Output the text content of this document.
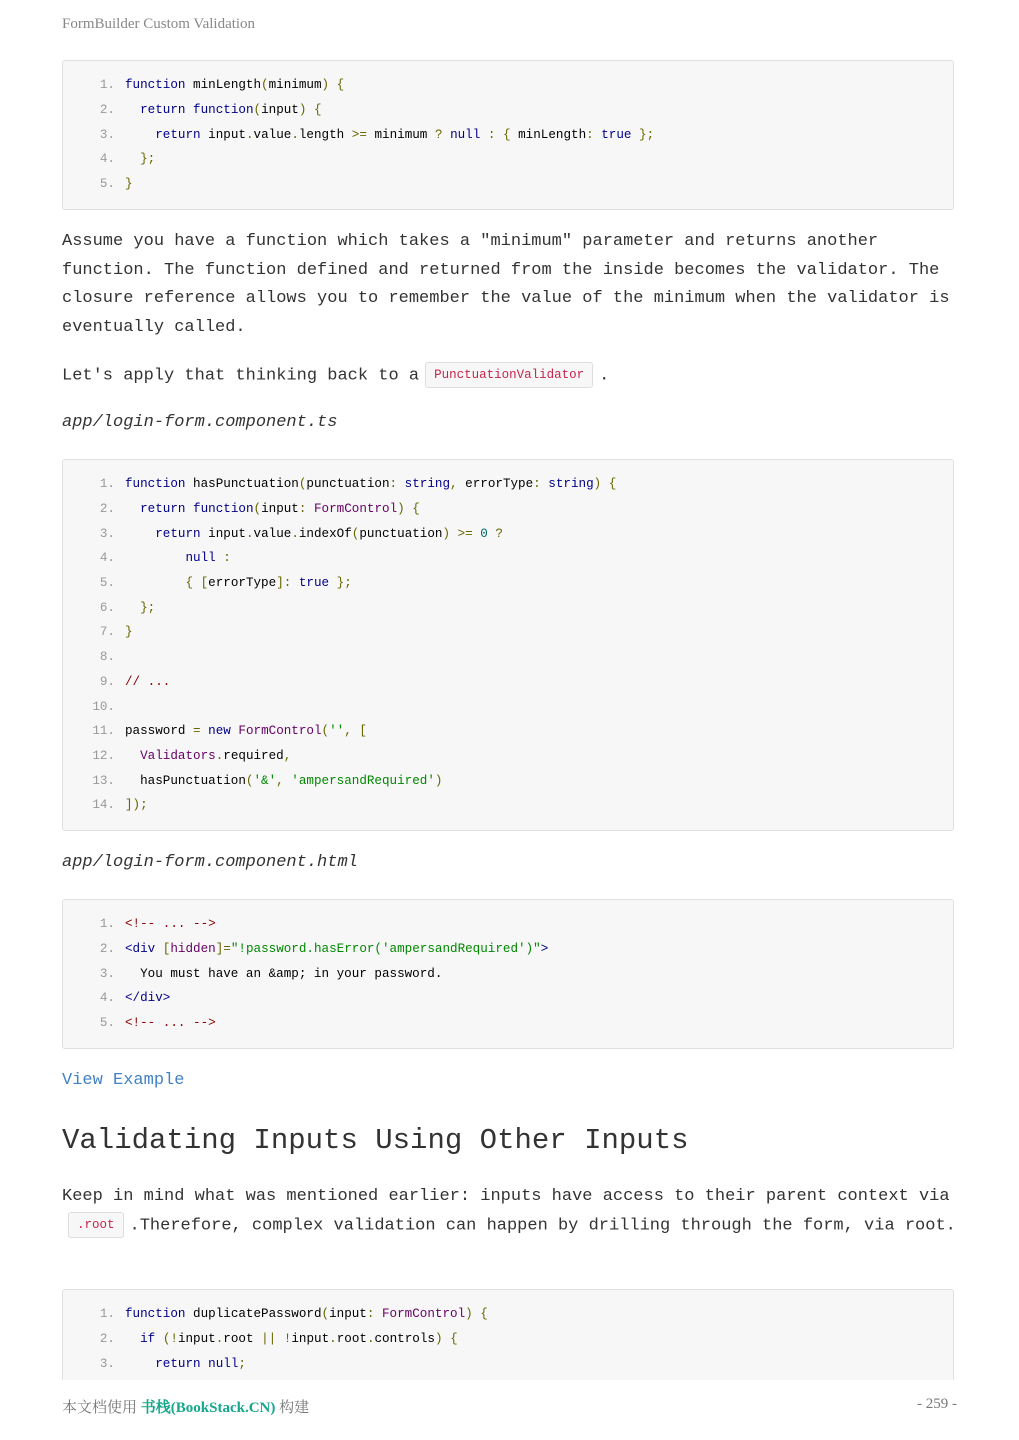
FormBuilder Custom Validation
1. function minLength(minimum) {
2.	return function(input) {
3.	return input.value.length >= minimum ? null : { minLength: true };
4.	};
5. }

Assume you have a function which takes a "minimum" parameter and returns another function. The function defined and returned from the inside becomes the validator. The closure reference allows you to remember the value of the minimum when the validator is eventually called.

Let's apply that thinking back to a PunctuationValidator .

app/login-form.component.ts

1. function hasPunctuation(punctuation: string, errorType: string) {
2.	return function(input: FormControl) {
3.	return input.value.indexOf(punctuation) >= 0 ?
4.	null :
5.	{ [errorType]: true };
6.	};
7. }
8.
9. // ...
10.
11. password = new FormControl('', [
12.	Validators.required,
13. hasPunctuation('&', 'ampersandRequired')
14. ]);

app/login-form.component.html

1. <!-- ... -->
2. <div [hidden]="!password.hasError('ampersandRequired')">
3. You must have an &amp; in your password.
4. </div>
5. <!-- ... -->
View Example
Validating Inputs Using Other Inputs

Keep in mind what was mentioned earlier: inputs have access to their parent context via.root .Therefore, complex validation can happen by drilling through the form, via root.

1. function duplicatePassword(input: FormControl) {
2.	if (!input.root || !input.root.controls) {
3.	return null;
本文档使用 书栈(BookStack.CN) 构建	- 259 -
